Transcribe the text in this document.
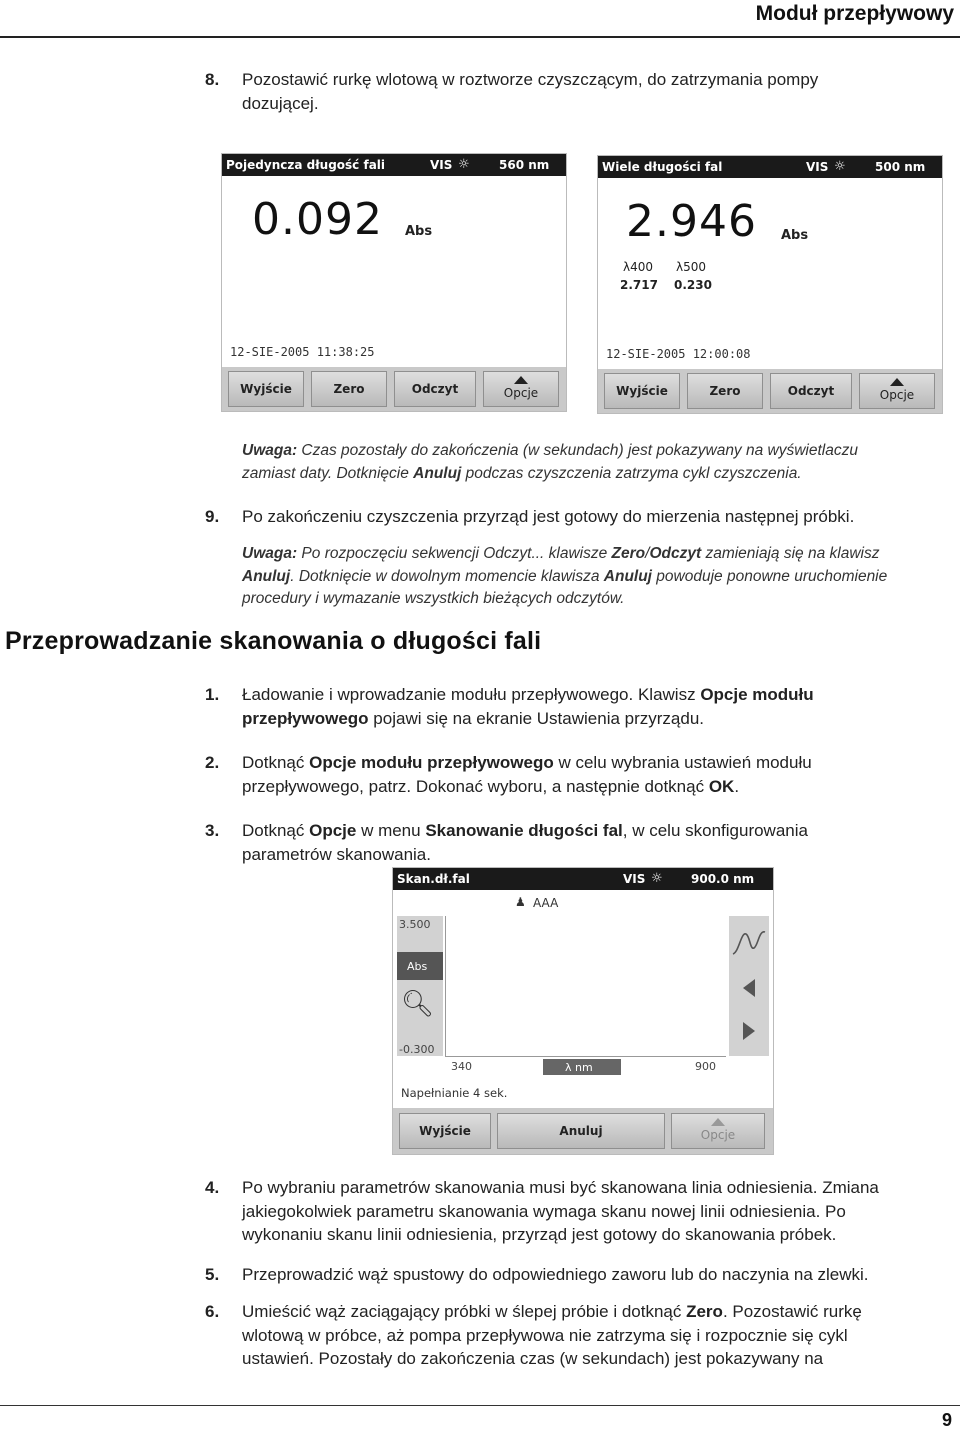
Moduł przepływowy
8. Pozostawić rurkę wlotową w roztworze czyszczącym, do zatrzymania pompy
dozującej.
Pojedyncza długość fali	VIS ☼ 560 nm
0.092 Abs
12-SIE-2005 11:38:25
Wyjście	Zero	Odczyt	Opcje
Wiele długości fal	VIS ☼ 500 nm
2.946 Abs
λ400 λ500
2.717 0.230
12-SIE-2005 12:00:08
Wyjście	Zero	Odczyt	Opcje
Uwaga: Czas pozostały do zakończenia (w sekundach) jest pokazywany na wyświetlaczu
zamiast daty. Dotknięcie Anuluj podczas czyszczenia zatrzyma cykl czyszczenia.
9. Po zakończeniu czyszczenia przyrząd jest gotowy do mierzenia następnej próbki.
Uwaga: Po rozpoczęciu sekwencji Odczyt... klawisze Zero/Odczyt zamieniają się na klawisz
Anuluj. Dotknięcie w dowolnym momencie klawisza Anuluj powoduje ponowne uruchomienie
procedury i wymazanie wszystkich bieżących odczytów.
Przeprowadzanie skanowania o długości fali
1. Ładowanie i wprowadzanie modułu przepływowego. Klawisz Opcje modułu
przepływowego pojawi się na ekranie Ustawienia przyrządu.
2. Dotknąć Opcje modułu przepływowego w celu wybrania ustawień modułu
przepływowego, patrz. Dokonać wyboru, a następnie dotknąć OK.
3. Dotknąć Opcje w menu Skanowanie długości fal, w celu skonfigurowania
parametrów skanowania.
Skan.dł.fal	VIS ☼ 900.0 nm
♟ AAA
3.500
Abs
🔍︎
-0.300
340	λ nm	900
Napełnianie 4 sek.
Wyjście	Anuluj	Opcje
4. Po wybraniu parametrów skanowania musi być skanowana linia odniesienia. Zmiana
jakiegokolwiek parametru skanowania wymaga skanu nowej linii odniesienia. Po
wykonaniu skanu linii odniesienia, przyrząd jest gotowy do skanowania próbek.
5. Przeprowadzić wąż spustowy do odpowiedniego zaworu lub do naczynia na zlewki.
6. Umieścić wąż zaciągający próbki w ślepej próbie i dotknąć Zero. Pozostawić rurkę
wlotową w próbce, aż pompa przepływowa nie zatrzyma się i rozpocznie się cykl
ustawień. Pozostały do zakończenia czas (w sekundach) jest pokazywany na
9
